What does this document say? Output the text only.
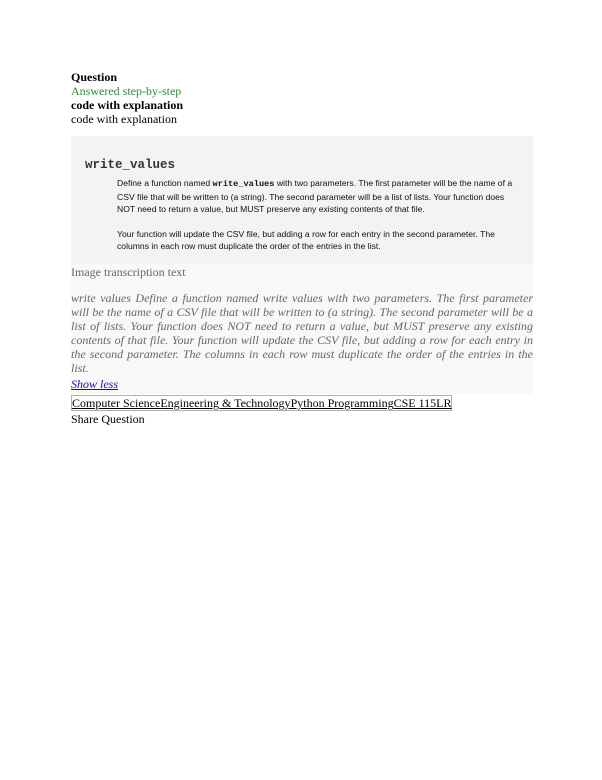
Question
Answered step-by-step
code with explanation
code with explanation
write_values

Define a function named write_values with two parameters. The first parameter will be the name of a CSV file that will be written to (a string). The second parameter will be a list of lists. Your function does NOT need to return a value, but MUST preserve any existing contents of that file.

Your function will update the CSV file, but adding a row for each entry in the second parameter. The columns in each row must duplicate the order of the entries in the list.

Image transcription text
write values Define a function named write values with two parameters. The first parameter will be the name of a CSV file that will be written to (a string). The second parameter will be a list of lists. Your function does NOT need to return a value, but MUST preserve any existing contents of that file. Your function will update the CSV file, but adding a row for each entry in the second parameter. The columns in each row must duplicate the order of the entries in the list.
Show less
Computer ScienceEngineering & TechnologyPython ProgrammingCSE 115LR
Share Question
